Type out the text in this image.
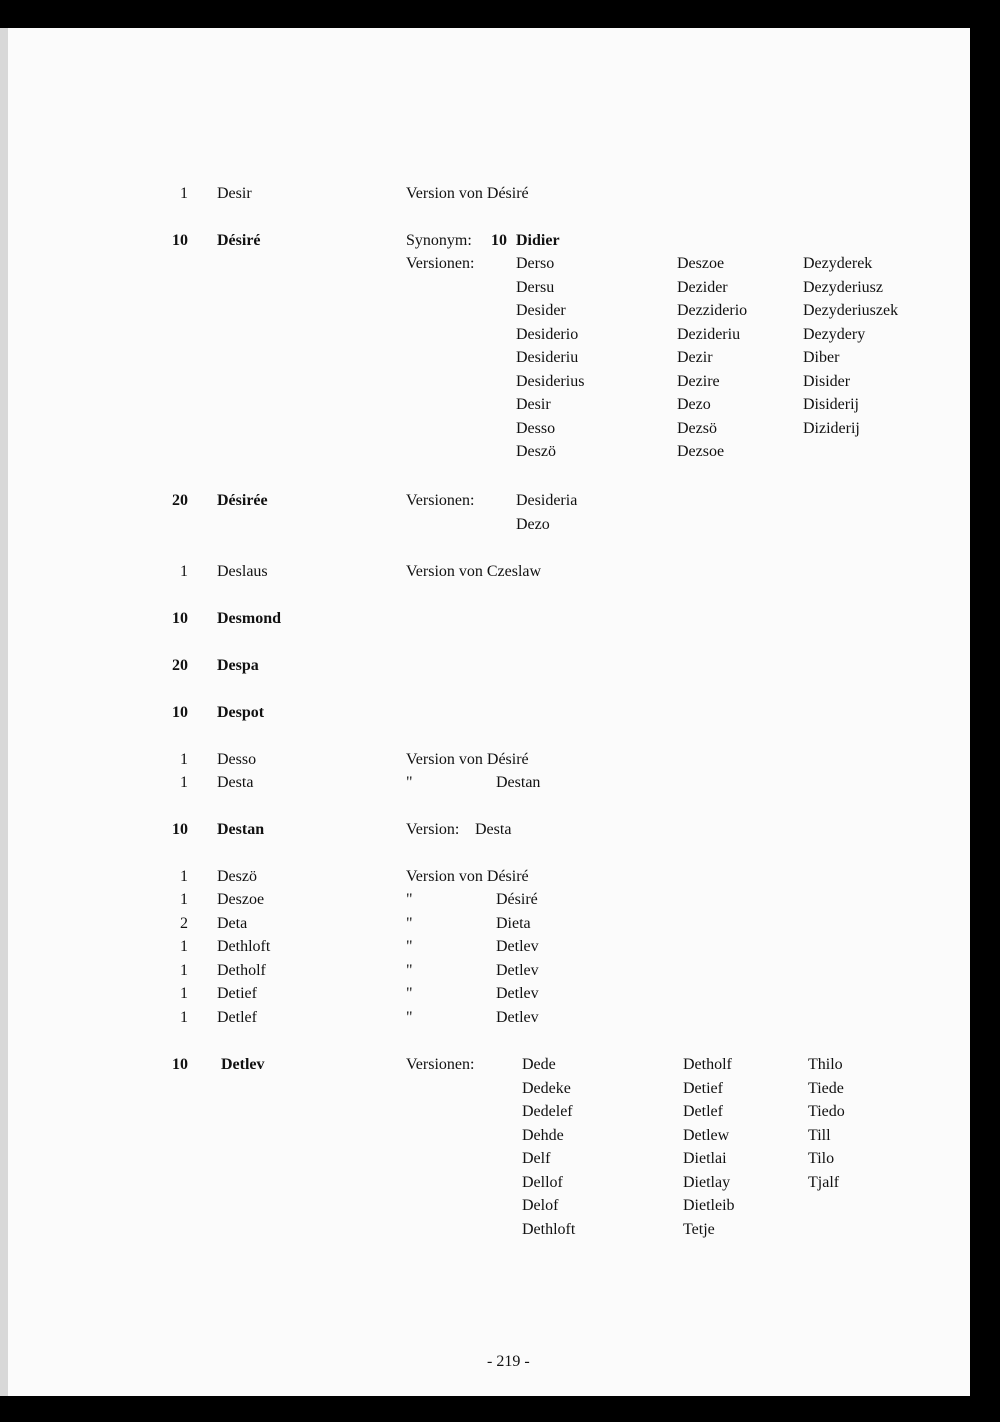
1 Desir	Version von Désiré
10 Désiré	Synonym: 10 Didier
Versionen:	Derso	Deszoe	Dezyderek
Dersu	Dezider	Dezyderiusz
Desider	Dezziderio	Dezyderiuszek
Desiderio	Dezideriu	Dezydery
Desideriu	Dezir	Diber
Desiderius	Dezire	Disider
Desir	Dezo	Disiderij
Desso	Dezsö	Diziderij
Deszö	Dezsoe
20 Désirée	Versionen:	Desideria
Dezo
1 Deslaus	Version von Czeslaw
10 Desmond
20 Despa
10 Despot
1 Desso	Version von Désiré
1 Desta	"	Destan
10 Destan	Version: Desta
1 Deszö	Version von Désiré
1 Deszoe	"	Désiré
2 Deta	"	Dieta
1 Dethloft	"	Detlev
1 Detholf	"	Detlev
1 Detief	"	Detlev
1 Detlef	"	Detlev
10 Detlev	Versionen:	Dede	Detholf	Thilo
Dedeke	Detief	Tiede
Dedelef	Detlef	Tiedo
Dehde	Detlew	Till
Delf	Dietlai	Tilo
Dellof	Dietlay	Tjalf
Delof	Dietleib
Dethloft	Tetje
- 219 -
